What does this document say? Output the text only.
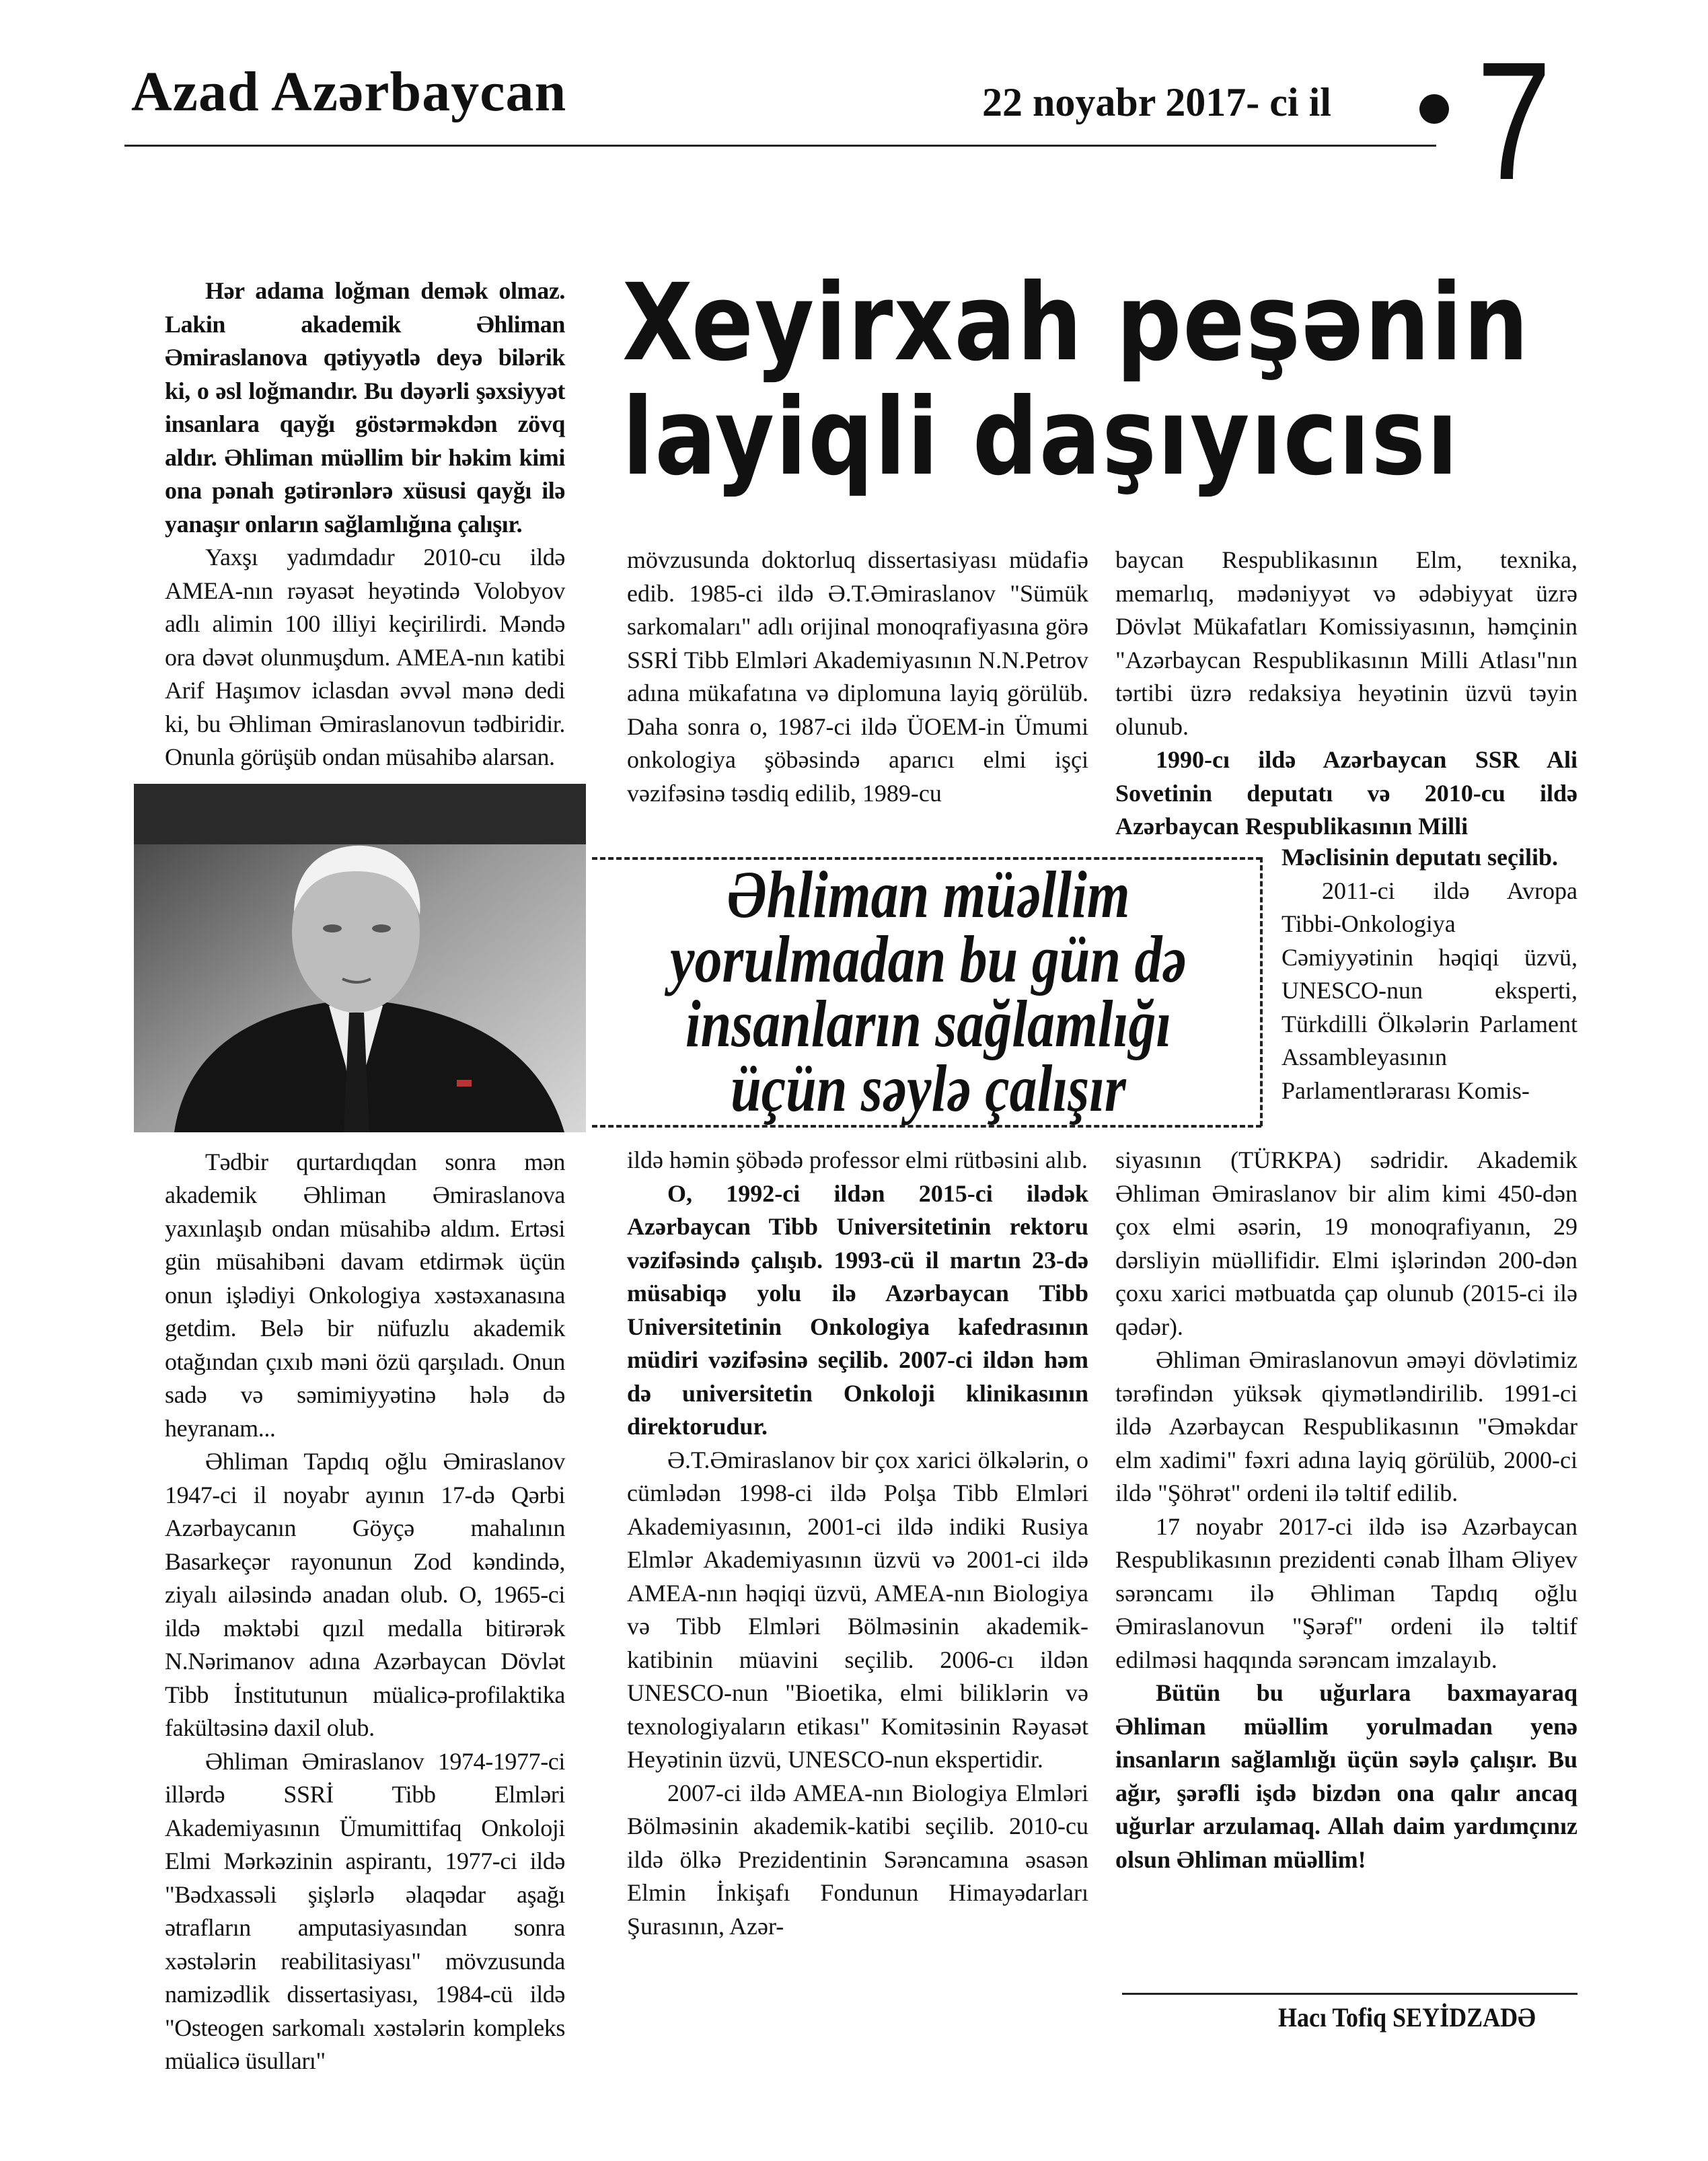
Azad Azərbaycan	22 noyabr 2017- ci il 7
Xeyirxah peşənin
layiqli daşıyıcısı

Hər adama loğman demək olmaz. Lakin akademik Əhliman Əmiraslanova qətiyyətlə deyə bilərik ki, o əsl loğmandır. Bu dəyərli şəxsiyyət insanlara qayğı göstərməkdən zövq aldır. Əhliman müəllim bir həkim kimi ona pənah gətirənlərə xüsusi qayğı ilə yanaşır onların sağlamlığına çalışır.

Yaxşı yadımdadır 2010-cu ildə AMEA-nın rəyasət heyətində Volobyov adlı alimin 100 illiyi keçirilirdi. Məndə ora dəvət olunmuşdum. AMEA-nın katibi Arif Haşımov iclasdan əvvəl mənə dedi ki, bu Əhliman Əmiraslanovun tədbiridir. Onunla görüşüb ondan müsahibə alarsan.

Tədbir qurtardıqdan sonra mən akademik Əhliman Əmiraslanova yaxınlaşıb ondan müsahibə aldım. Ertəsi gün müsahibəni davam etdirmək üçün onun işlədiyi Onkologiya xəstəxanasına getdim. Belə bir nüfuzlu akademik otağından çıxıb məni özü qarşıladı. Onun sadə və səmimiyyətinə hələ də heyranam...

Əhliman Tapdıq oğlu Əmiraslanov 1947-ci il noyabr ayının 17-də Qərbi Azərbaycanın Göyçə mahalının Basarkeçər rayonunun Zod kəndində, ziyalı ailəsində anadan olub. O, 1965-ci ildə məktəbi qızıl medalla bitirərək N.Nərimanov adına Azərbaycan Dövlət Tibb İnstitutunun müalicə-profilaktika fakültəsinə daxil olub.

Əhliman Əmiraslanov 1974-1977-ci illərdə SSRİ Tibb Elmləri Akademiyasının Ümumittifaq Onkoloji Elmi Mərkəzinin aspirantı, 1977-ci ildə "Bədxassəli şişlərlə əlaqədar aşağı ətrafların amputasiyasından sonra xəstələrin reabilitasiyası" mövzusunda namizədlik dissertasiyası, 1984-cü ildə "Osteogen sarkomalı xəstələrin kompleks müalicə üsulları"

mövzusunda doktorluq dissertasiyası müdafiə edib. 1985-ci ildə Ə.T.Əmiraslanov "Sümük sarkomaları" adlı orijinal monoqrafiyasına görə SSRİ Tibb Elmləri Akademiyasının N.N.Petrov adına mükafatına və diplomuna layiq görülüb. Daha sonra o, 1987-ci ildə ÜOEM-in Ümumi onkologiya şöbəsində aparıcı elmi işçi vəzifəsinə təsdiq edilib, 1989-cu

Əhliman müəllim
yorulmadan bu gün də
insanların sağlamlığı
üçün səylə çalışır

ildə həmin şöbədə professor elmi rütbəsini alıb.

O, 1992-ci ildən 2015-ci ilədək Azərbaycan Tibb Universitetinin rektoru vəzifəsində çalışıb. 1993-cü il martın 23-də müsabiqə yolu ilə Azərbaycan Tibb Universitetinin Onkologiya kafedrasının müdiri vəzifəsinə seçilib. 2007-ci ildən həm də universitetin Onkoloji klinikasının direktorudur.

Ə.T.Əmiraslanov bir çox xarici ölkələrin, o cümlədən 1998-ci ildə Polşa Tibb Elmləri Akademiyasının, 2001-ci ildə indiki Rusiya Elmlər Akademiyasının üzvü və 2001-ci ildə AMEA-nın həqiqi üzvü, AMEA-nın Biologiya və Tibb Elmləri Bölməsinin akademik-katibinin müavini seçilib. 2006-cı ildən UNESCO-nun "Bioetika, elmi biliklərin və texnologiyaların etikası" Komitəsinin Rəyasət Heyətinin üzvü, UNESCO-nun ekspertidir.

2007-ci ildə AMEA-nın Biologiya Elmləri Bölməsinin akademik-katibi seçilib. 2010-cu ildə ölkə Prezidentinin Sərəncamına əsasən Elmin İnkişafı Fondunun Himayədarları Şurasının, Azər-

baycan Respublikasının Elm, texnika, memarlıq, mədəniyyət və ədəbiyyat üzrə Dövlət Mükafatları Komissiyasının, həmçinin "Azərbaycan Respublikasının Milli Atlası"nın tərtibi üzrə redaksiya heyətinin üzvü təyin olunub.

1990-cı ildə Azərbaycan SSR Ali Sovetinin deputatı və 2010-cu ildə Azərbaycan Respublikasının Milli

Məclisinin deputatı seçilib.

2011-ci ildə Avropa Tibbi-Onkologiya Cəmiyyətinin həqiqi üzvü, UNESCO-nun eksperti, Türkdilli Ölkələrin Parlament Assambleyasının Parlamentlərarası Komis-

siyasının (TÜRKPA) sədridir. Akademik Əhliman Əmiraslanov bir alim kimi 450-dən çox elmi əsərin, 19 monoqrafiyanın, 29 dərsliyin müəllifidir. Elmi işlərindən 200-dən çoxu xarici mətbuatda çap olunub (2015-ci ilə qədər).

Əhliman Əmiraslanovun əməyi dövlətimiz tərəfindən yüksək qiymətləndirilib. 1991-ci ildə Azərbaycan Respublikasının "Əməkdar elm xadimi" fəxri adına layiq görülüb, 2000-ci ildə "Şöhrət" ordeni ilə təltif edilib.

17 noyabr 2017-ci ildə isə Azərbaycan Respublikasının prezidenti cənab İlham Əliyev sərəncamı ilə Əhliman Tapdıq oğlu Əmiraslanovun "Şərəf" ordeni ilə təltif edilməsi haqqında sərəncam imzalayıb.

Bütün bu uğurlara baxmayaraq Əhliman müəllim yorulmadan yenə insanların sağlamlığı üçün səylə çalışır. Bu ağır, şərəfli işdə bizdən ona qalır ancaq uğurlar arzulamaq. Allah daim yardımçınız olsun Əhliman müəllim!

Hacı Tofiq SEYİDZADƏ
